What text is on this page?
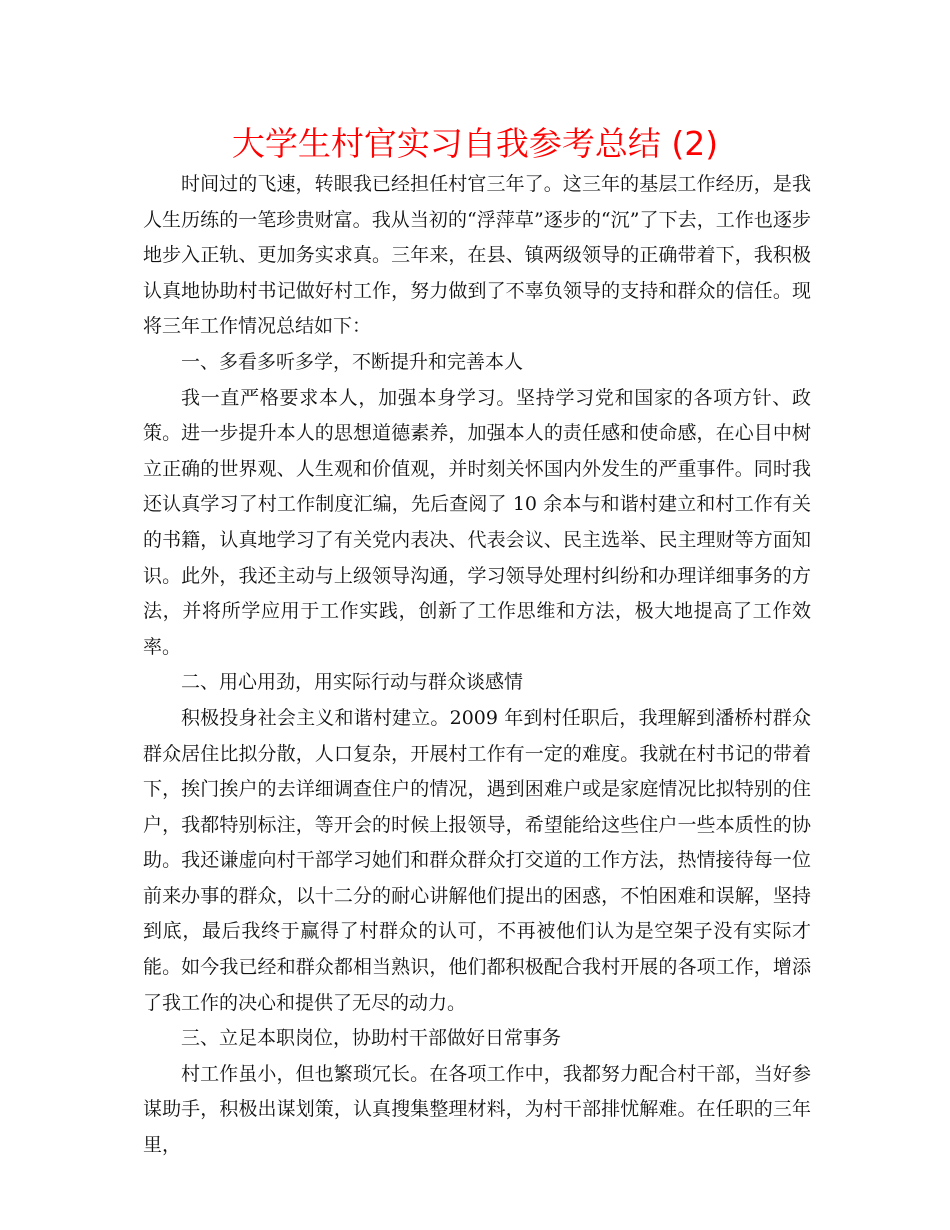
大学生村官实习自我参考总结 (2)

时间过的飞速，转眼我已经担任村官三年了。这三年的基层工作经历，是我人生历练的一笔珍贵财富。我从当初的“浮萍草”逐步的“沉”了下去，工作也逐步地步入正轨、更加务实求真。三年来，在县、镇两级领导的正确带着下，我积极认真地协助村书记做好村工作，努力做到了不辜负领导的支持和群众的信任。现将三年工作情况总结如下：

一、多看多听多学，不断提升和完善本人

我一直严格要求本人，加强本身学习。坚持学习党和国家的各项方针、政策。进一步提升本人的思想道德素养，加强本人的责任感和使命感，在心目中树立正确的世界观、人生观和价值观，并时刻关怀国内外发生的严重事件。同时我还认真学习了村工作制度汇编，先后查阅了 10 余本与和谐村建立和村工作有关的书籍，认真地学习了有关党内表决、代表会议、民主选举、民主理财等方面知识。此外，我还主动与上级领导沟通，学习领导处理村纠纷和办理详细事务的方法，并将所学应用于工作实践，创新了工作思维和方法，极大地提高了工作效率。

二、用心用劲，用实际行动与群众谈感情

积极投身社会主义和谐村建立。2009 年到村任职后，我理解到潘桥村群众群众居住比拟分散，人口复杂，开展村工作有一定的难度。我就在村书记的带着下，挨门挨户的去详细调查住户的情况，遇到困难户或是家庭情况比拟特别的住户，我都特别标注，等开会的时候上报领导，希望能给这些住户一些本质性的协助。我还谦虚向村干部学习她们和群众群众打交道的工作方法，热情接待每一位前来办事的群众，以十二分的耐心讲解他们提出的困惑，不怕困难和误解，坚持到底，最后我终于赢得了村群众的认可，不再被他们认为是空架子没有实际才能。如今我已经和群众都相当熟识，他们都积极配合我村开展的各项工作，增添了我工作的决心和提供了无尽的动力。

三、立足本职岗位，协助村干部做好日常事务

村工作虽小，但也繁琐冗长。在各项工作中，我都努力配合村干部，当好参谋助手，积极出谋划策，认真搜集整理材料，为村干部排忧解难。在任职的三年里，
